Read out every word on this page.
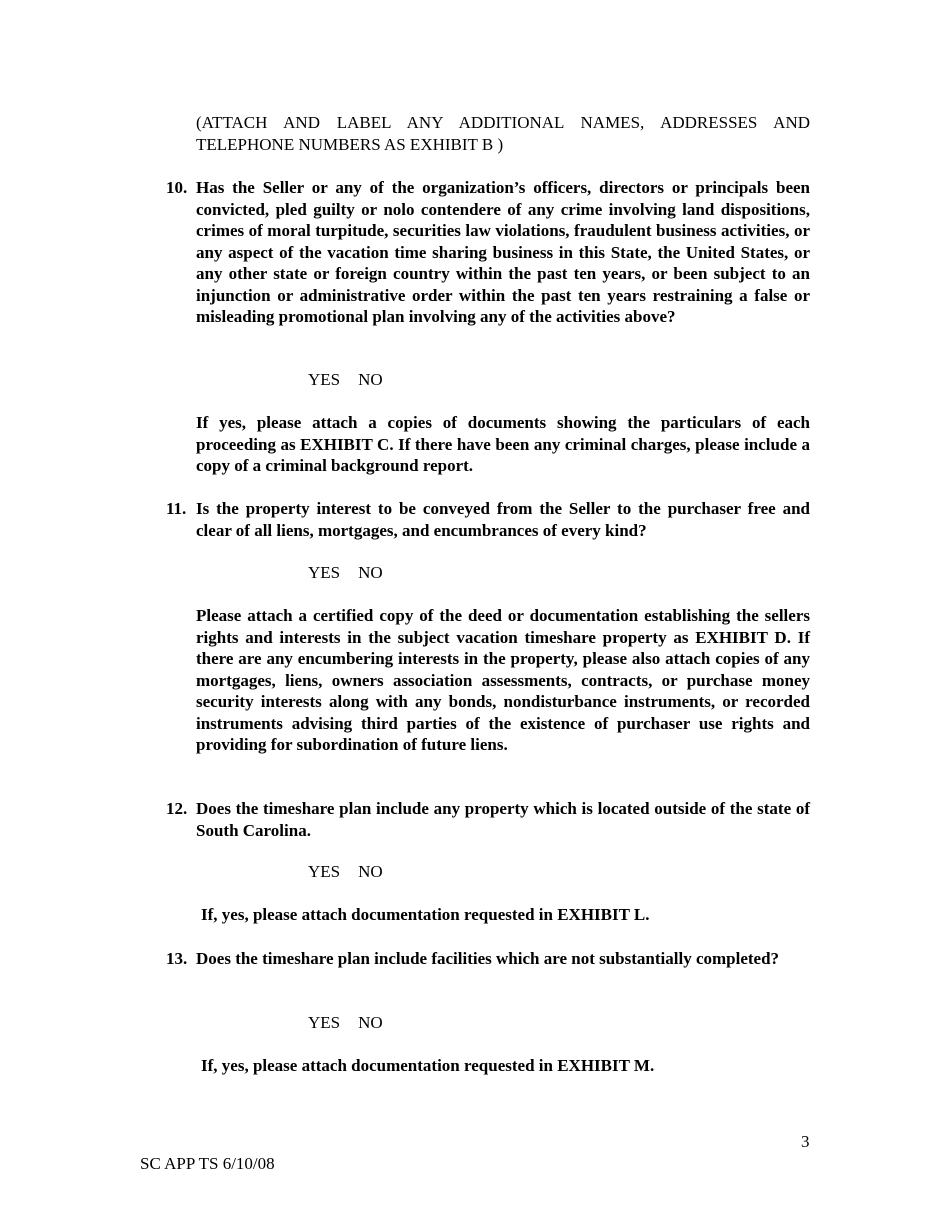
(ATTACH AND LABEL ANY ADDITIONAL NAMES, ADDRESSES AND TELEPHONE NUMBERS AS EXHIBIT B )
10. Has the Seller or any of the organization’s officers, directors or principals been convicted, pled guilty or nolo contendere of any crime involving land dispositions, crimes of moral turpitude, securities law violations, fraudulent business activities, or any aspect of the vacation time sharing business in this State, the United States, or any other state or foreign country within the past ten years, or been subject to an injunction or administrative order within the past ten years restraining a false or misleading promotional plan involving any of the activities above?
YES NO
If yes, please attach a copies of documents showing the particulars of each proceeding as EXHIBIT C. If there have been any criminal charges, please include a copy of a criminal background report.
11. Is the property interest to be conveyed from the Seller to the purchaser free and clear of all liens, mortgages, and encumbrances of every kind?
YES NO
Please attach a certified copy of the deed or documentation establishing the sellers rights and interests in the subject vacation timeshare property as EXHIBIT D. If there are any encumbering interests in the property, please also attach copies of any mortgages, liens, owners association assessments, contracts, or purchase money security interests along with any bonds, nondisturbance instruments, or recorded instruments advising third parties of the existence of purchaser use rights and providing for subordination of future liens.
12. Does the timeshare plan include any property which is located outside of the state of South Carolina.
YES NO
If, yes, please attach documentation requested in EXHIBIT L.
13. Does the timeshare plan include facilities which are not substantially completed?
YES NO
If, yes, please attach documentation requested in EXHIBIT M.
3
SC APP TS 6/10/08
